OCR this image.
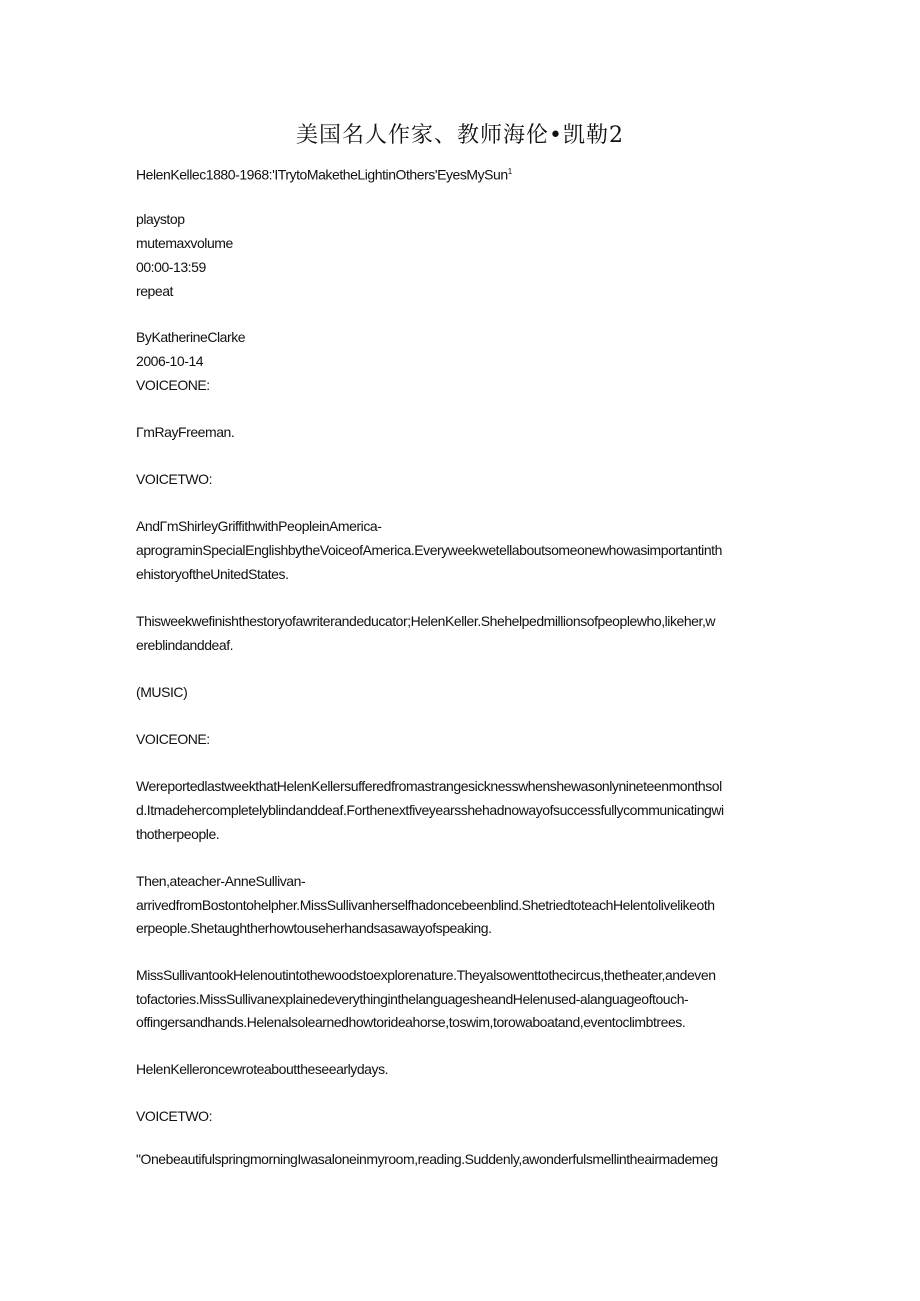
美国名人作家、教师海伦•凯勒2
HelenKellec1880-1968:'ITrytoMaketheLightinOthers'EyesMySun$^1$
playstop
mutemaxvolume
00:00-13:59
repeat
ByKatherineClarke
2006-10-14
VOICEONE:
ΓmRayFreeman.
VOICETWO:
AndΓmShirleyGriffithwithPeopleinAmerica-
aprograminSpecialEnglishbytheVoiceofAmerica.Everyweekwetellaboutsomeonewhowasimportantinth
ehistoryoftheUnitedStates.
Thisweekwefinishthestoryofawriterandeducator;HelenKeller.Shehelpedmillionsofpeoplewho,likeher,w
ereblindanddeaf.
(MUSIC)
VOICEONE:
WereportedlastweekthatHelenKellersufferedfromastrangesicknesswhenshewasonlynineteenmonthsol
d.Itmadehercompletelyblindanddeaf.Forthenextfiveyearsshehadnowayofsuccessfullycommunicatingwi
thotherpeople.
Then,ateacher-AnneSullivan-
arrivedfromBostontohelpher.MissSullivanherselfhadoncebeenblind.ShetriedtoteachHelentolivelikeoth
erpeople.Shetaughtherhowtouseherhandsasawayofspeaking.
MissSullivantookHelenoutintothewoodstoexplorenature.Theyalsowenttothecircus,thetheater,andeven
tofactories.MissSullivanexplainedeverythinginthelanguagesheandHelenused-alanguageoftouch-
offingersandhands.Helenalsolearnedhowtorideahorse,toswim,torowaboatand,eventoclimbtrees.
HelenKelleroncewroteabouttheseearlydays.
VOICETWO:
"OnebeautifulspringmorningIwasaloneinmyroom,reading.Suddenly,awonderfulsmellintheairmademeg
